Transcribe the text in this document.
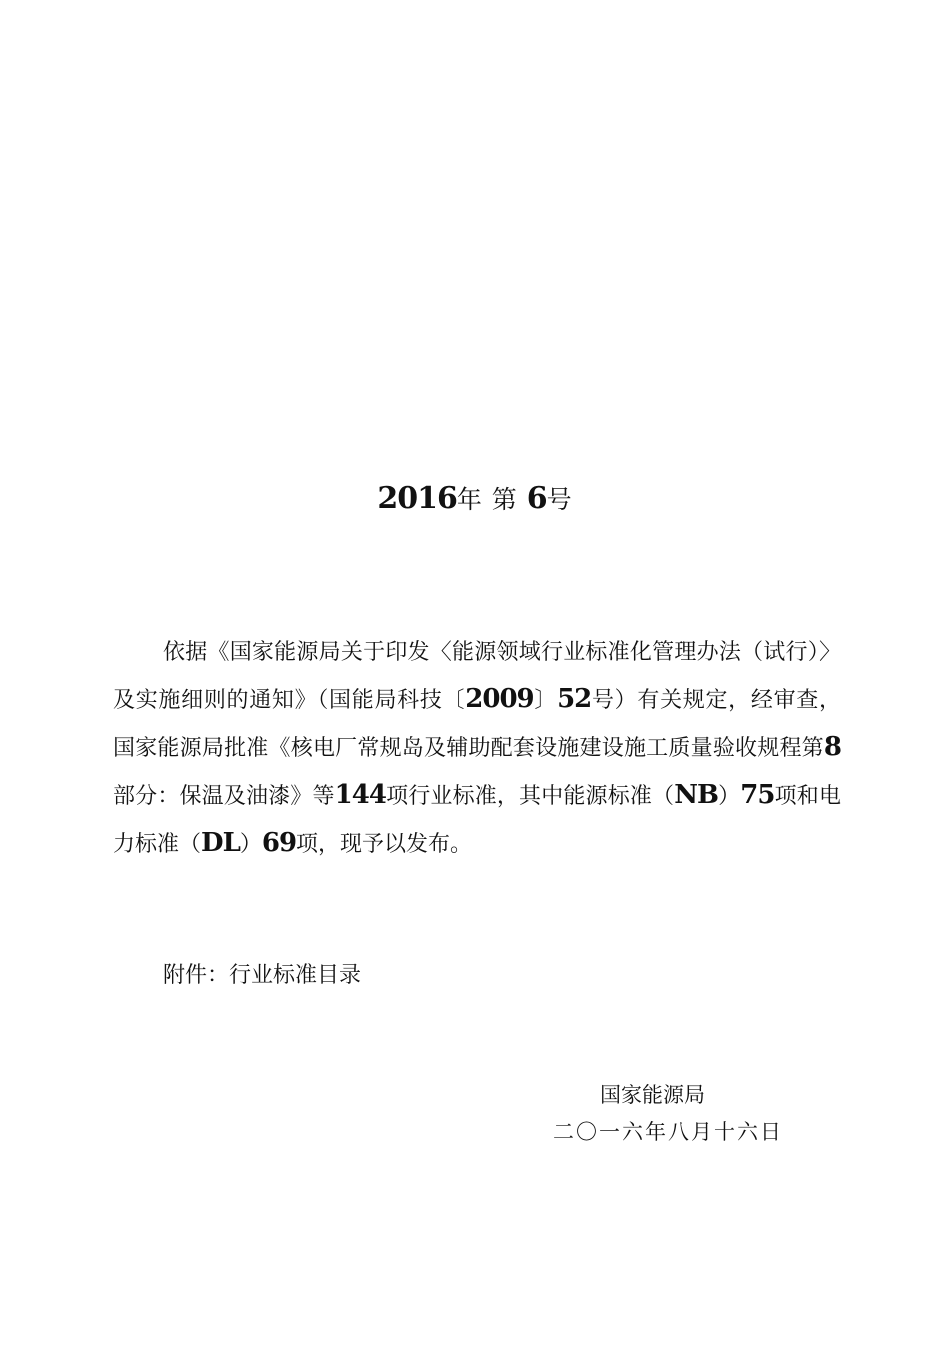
2016年 第 6号
依据《国家能源局关于印发〈能源领域行业标准化管理办法（试行）〉及实施细则的通知》（国能局科技〔2009〕52号）有关规定，经审查，国家能源局批准《核电厂常规岛及辅助配套设施建设施工质量验收规程第8部分：保温及油漆》等144项行业标准，其中能源标准（NB）75项和电力标准（DL）69项，现予以发布。
附件：行业标准目录
国家能源局
二〇一六年八月十六日
